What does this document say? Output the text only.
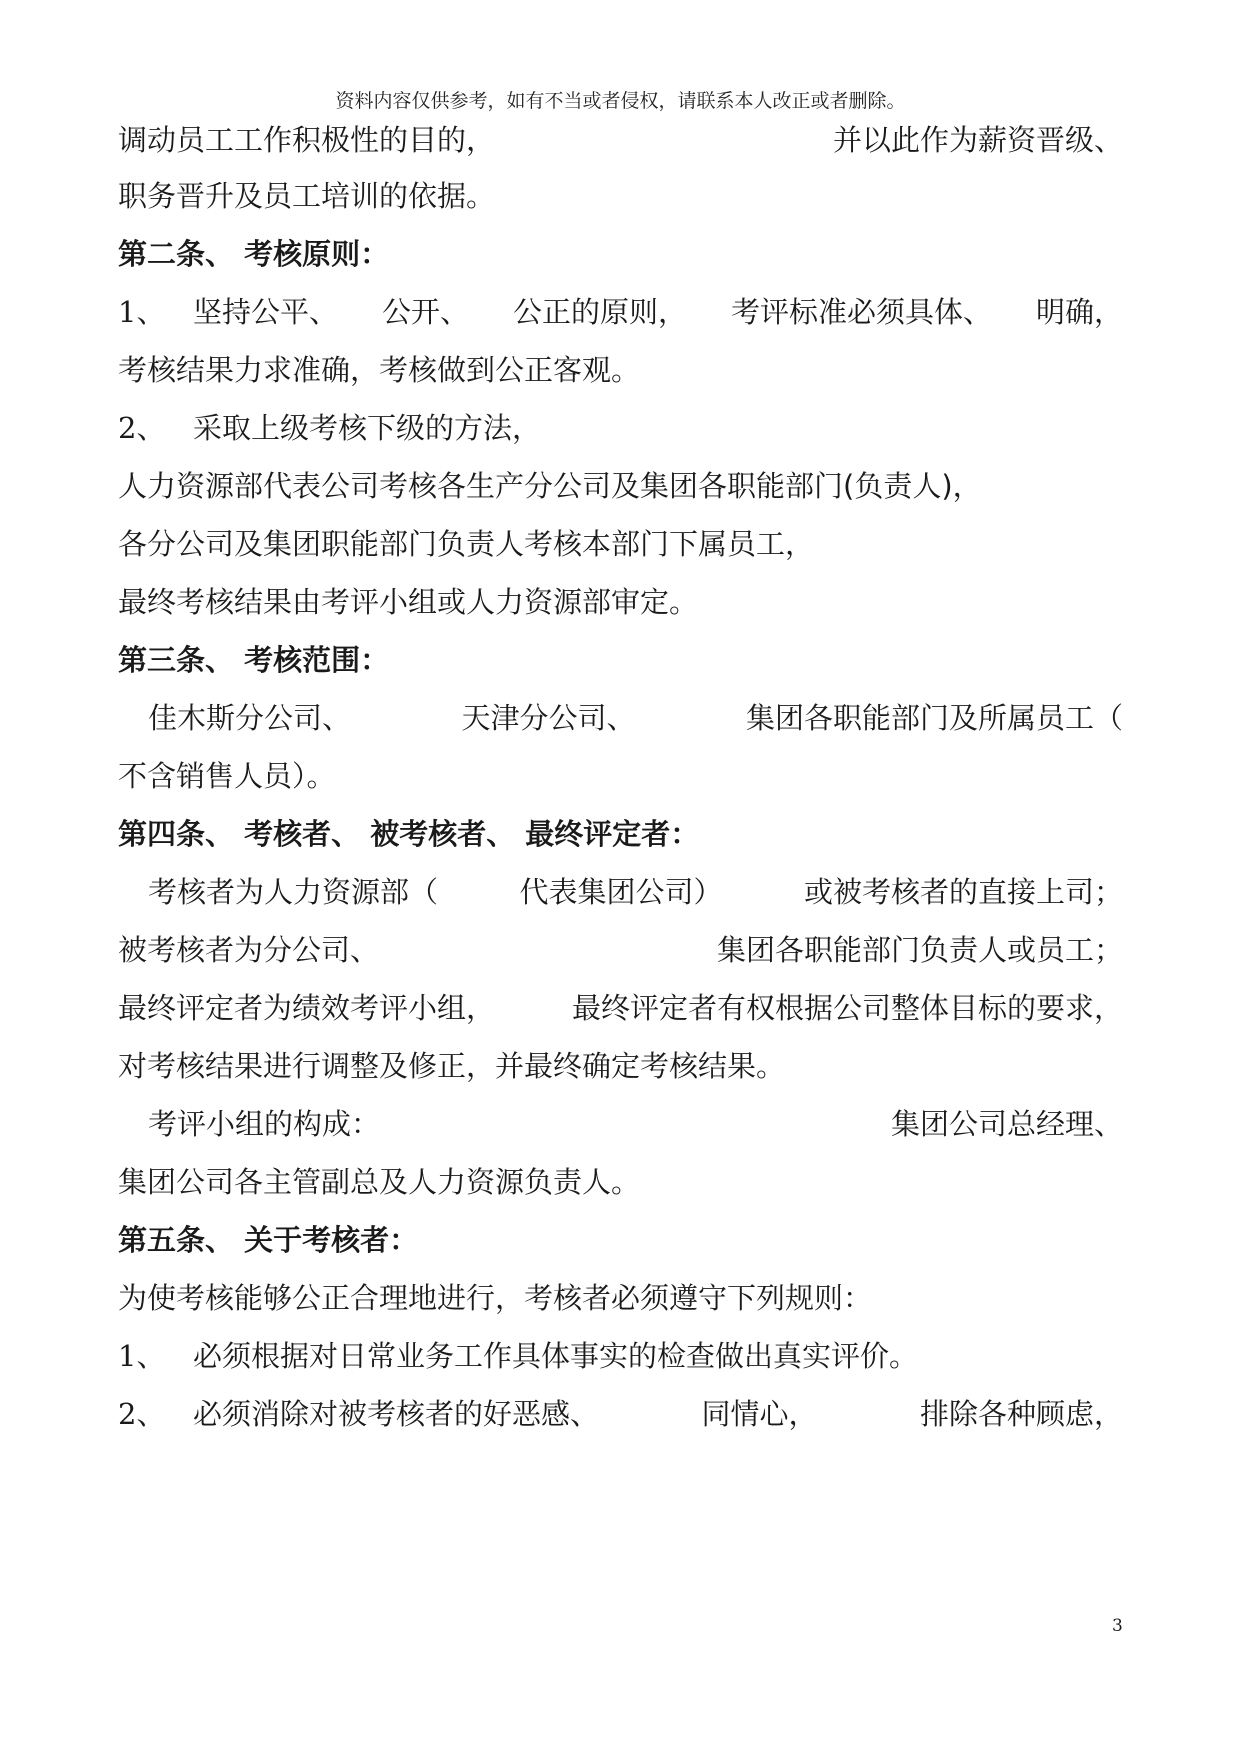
资料内容仅供参考，如有不当或者侵权，请联系本人改正或者删除。
调动员工工作积极性的目的，	并以此作为薪资晋级、
职务晋升及员工培训的依据。
第二条、 考核原则：
1、 坚持公平、 公开、 公正的原则， 考评标准必须具体、 明确，
考核结果力求准确，考核做到公正客观。
2、 采取上级考核下级的方法，
人力资源部代表公司考核各生产分公司及集团各职能部门(负责人)，
各分公司及集团职能部门负责人考核本部门下属员工，
最终考核结果由考评小组或人力资源部审定。
第三条、 考核范围：
佳木斯分公司、	天津分公司、	集团各职能部门及所属员工（
不含销售人员）。
第四条、 考核者、 被考核者、 最终评定者：
考核者为人力资源部（	代表集团公司）	或被考核者的直接上司；
被考核者为分公司、	集团各职能部门负责人或员工；
最终评定者为绩效考评小组，	最终评定者有权根据公司整体目标的要求，
对考核结果进行调整及修正，并最终确定考核结果。
考评小组的构成：	集团公司总经理、
集团公司各主管副总及人力资源负责人。
第五条、 关于考核者：
为使考核能够公正合理地进行，考核者必须遵守下列规则：
1、 必须根据对日常业务工作具体事实的检查做出真实评价。
2、 必须消除对被考核者的好恶感、	同情心，	排除各种顾虑，
3
